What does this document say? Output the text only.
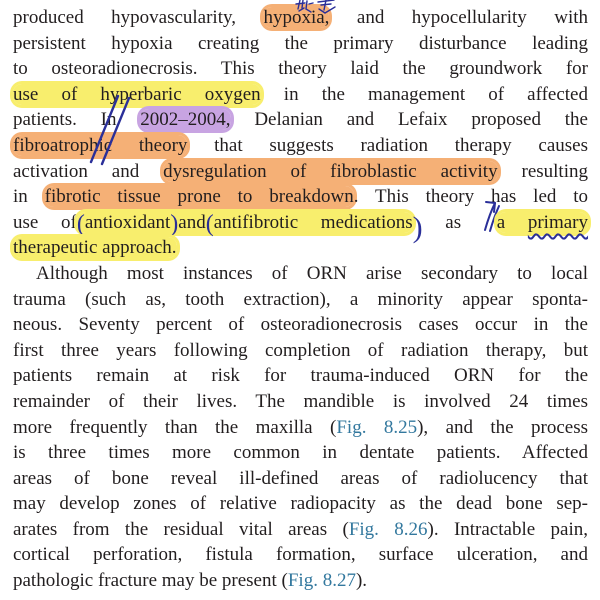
produced hypovascularity, hypoxia, and hypocellularity with
persistent hypoxia creating the primary disturbance leading
to osteoradionecrosis. This theory laid the groundwork for
use of hyperbaric oxygen in the management of affected
patients. In 2002–2004, Delanian and Lefaix proposed the
fibroatrophic theory that suggests radiation therapy causes
activation and dysregulation of fibroblastic activity resulting
in fibrotic tissue prone to breakdown. This theory has led to
use of(antioxidant)and(antifibrotic medications) as a primary
therapeutic approach.
Although most instances of ORN arise secondary to local
trauma (such as, tooth extraction), a minority appear sponta-
neous. Seventy percent of osteoradionecrosis cases occur in the
first three years following completion of radiation therapy, but
patients remain at risk for trauma-induced ORN for the
remainder of their lives. The mandible is involved 24 times
more frequently than the maxilla (Fig. 8.25), and the process
is three times more common in dentate patients. Affected
areas of bone reveal ill-defined areas of radiolucency that
may develop zones of relative radiopacity as the dead bone sep-
arates from the residual vital areas (Fig. 8.26). Intractable pain,
cortical perforation, fistula formation, surface ulceration, and
pathologic fracture may be present (Fig. 8.27).
